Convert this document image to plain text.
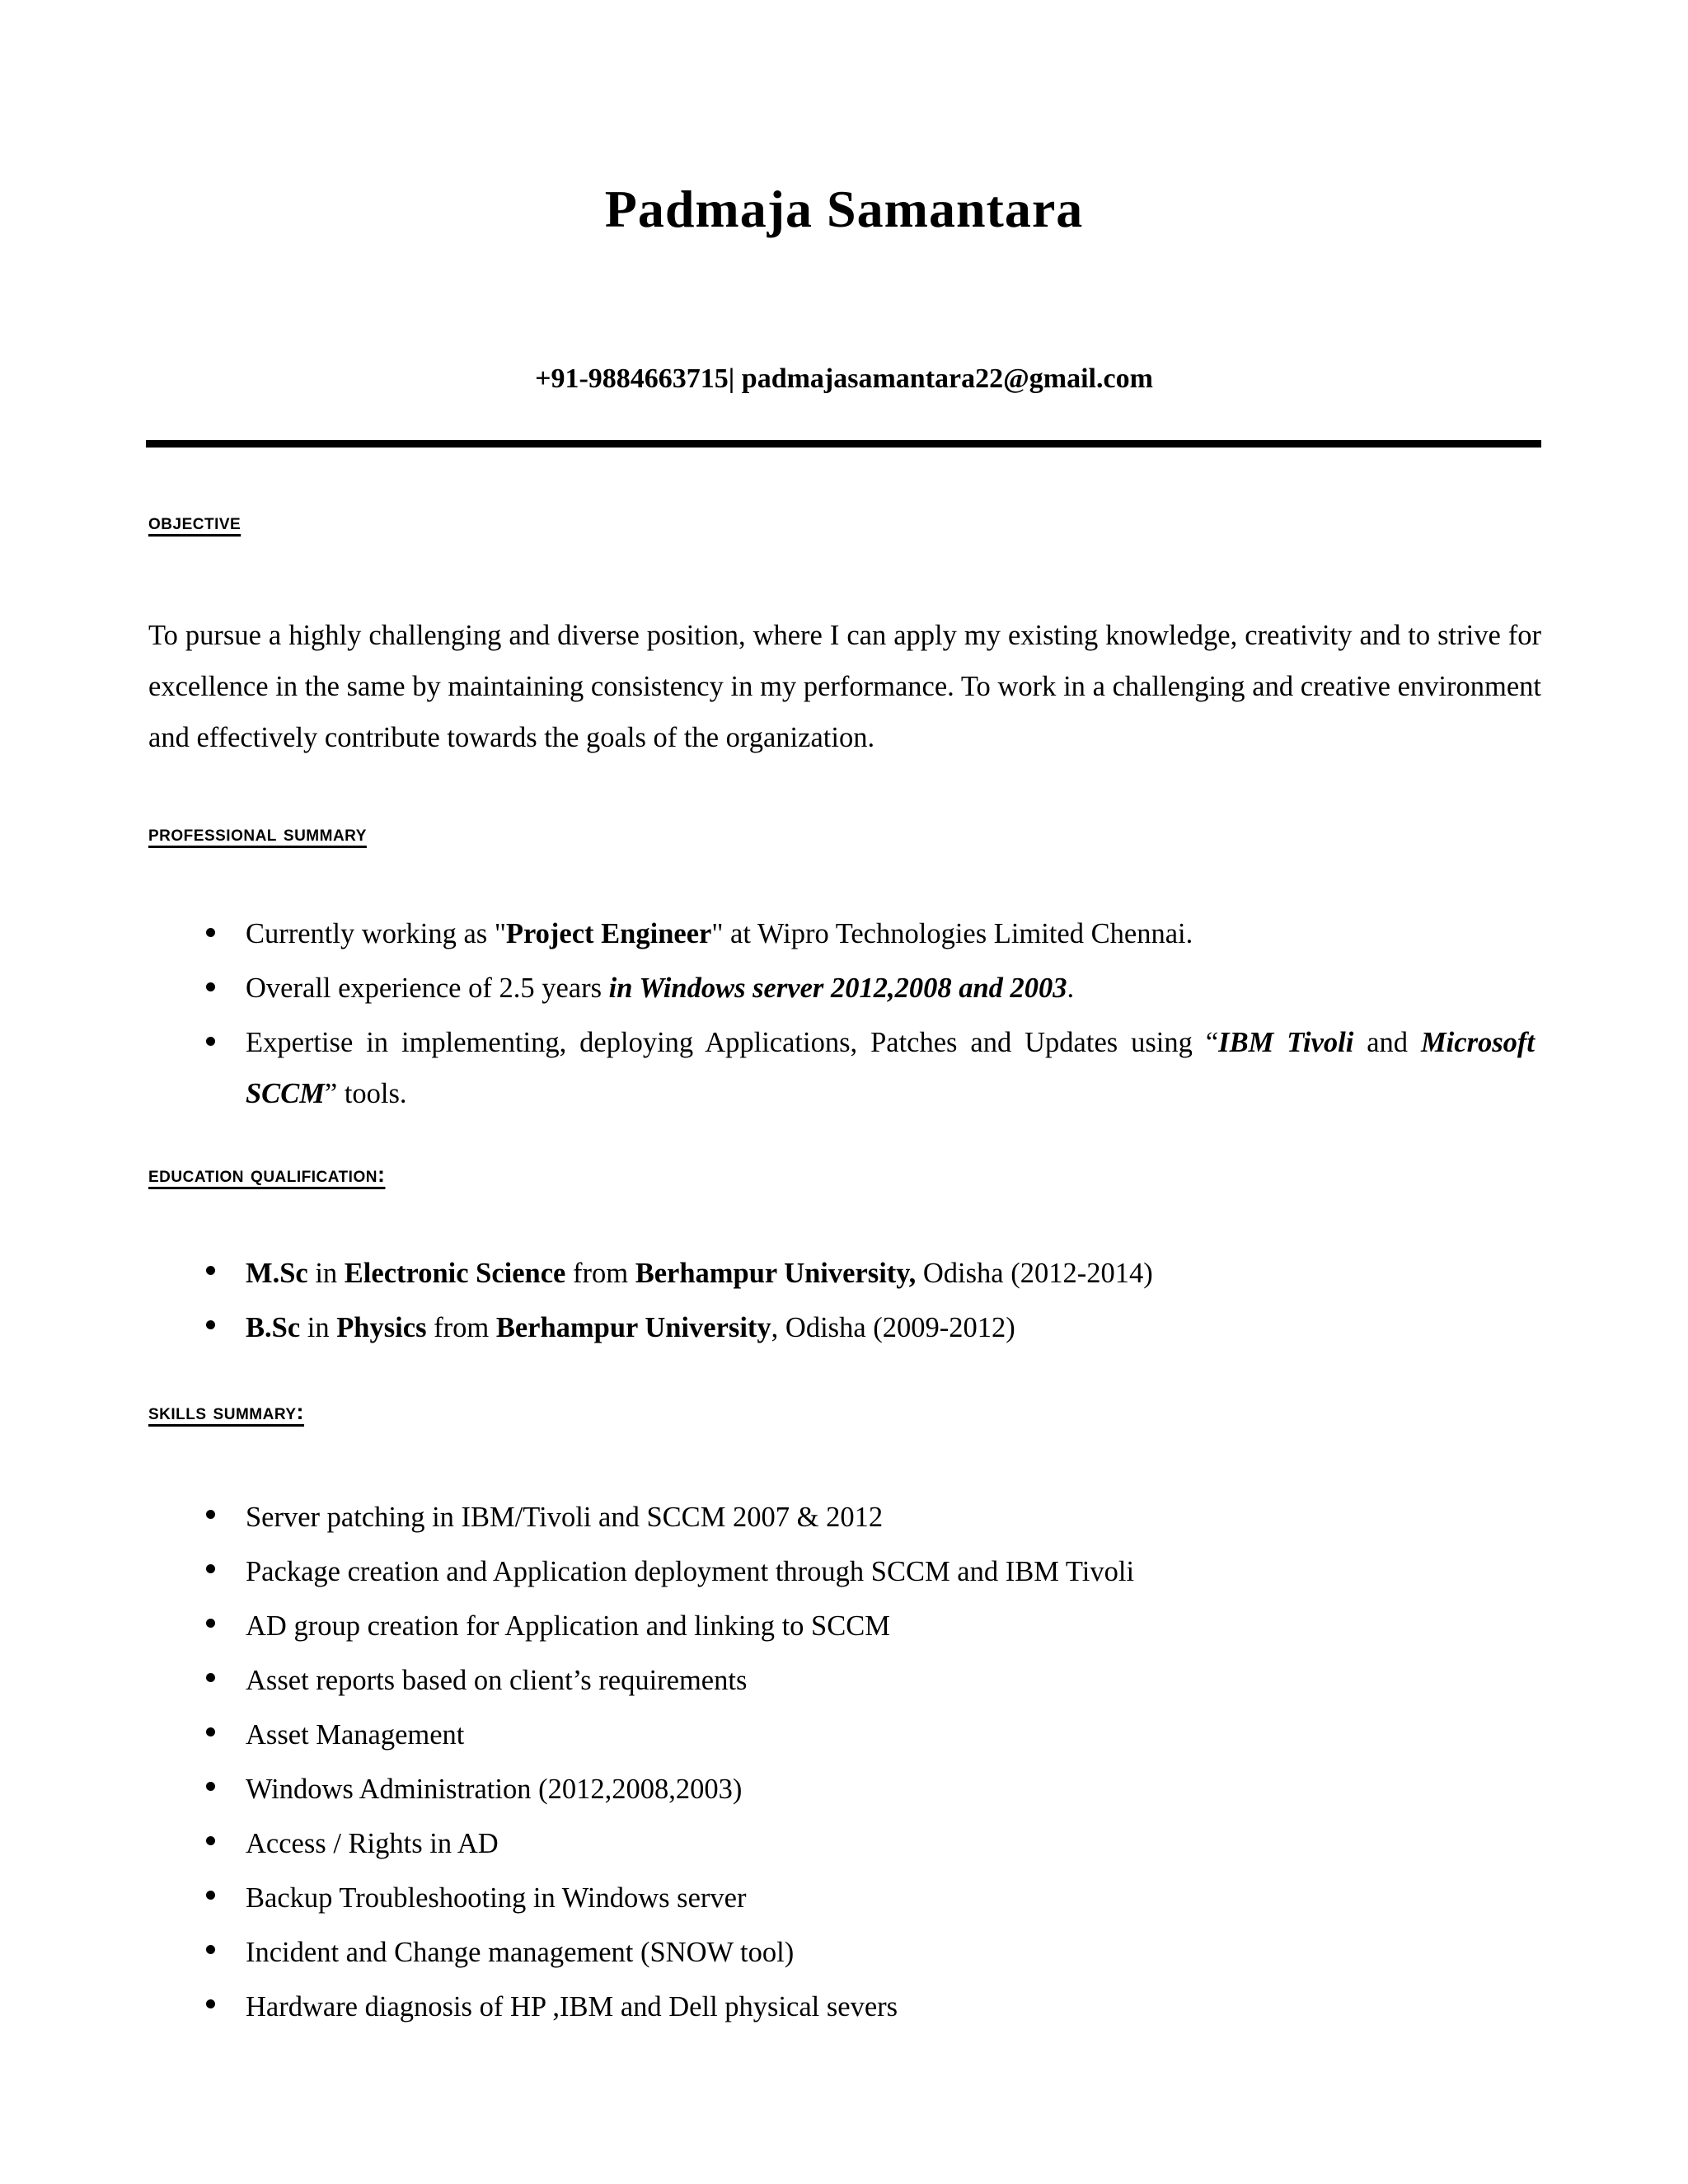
Padmaja Samantara
+91-9884663715| padmajasamantara22@gmail.com
objective
To pursue a highly challenging and diverse position, where I can apply my existing knowledge, creativity and to strive for excellence in the same by maintaining consistency in my performance. To work in a challenging and creative environment and effectively contribute towards the goals of the organization.
professional summary
Currently working as "Project Engineer" at Wipro Technologies Limited Chennai.
Overall experience of 2.5 years in Windows server 2012,2008 and 2003.
Expertise in implementing, deploying Applications, Patches and Updates using “IBM Tivoli and Microsoft SCCM” tools.
education qualification:
M.Sc in Electronic Science from Berhampur University, Odisha (2012-2014)
B.Sc in Physics from Berhampur University, Odisha (2009-2012)
skills summary:
Server patching in IBM/Tivoli and SCCM 2007 & 2012
Package creation and Application deployment through SCCM and IBM Tivoli
AD group creation for Application and linking to SCCM
Asset reports based on client’s requirements
Asset Management
Windows Administration (2012,2008,2003)
Access / Rights in AD
Backup Troubleshooting in Windows server
Incident and Change management (SNOW tool)
Hardware diagnosis of HP ,IBM and Dell physical severs
